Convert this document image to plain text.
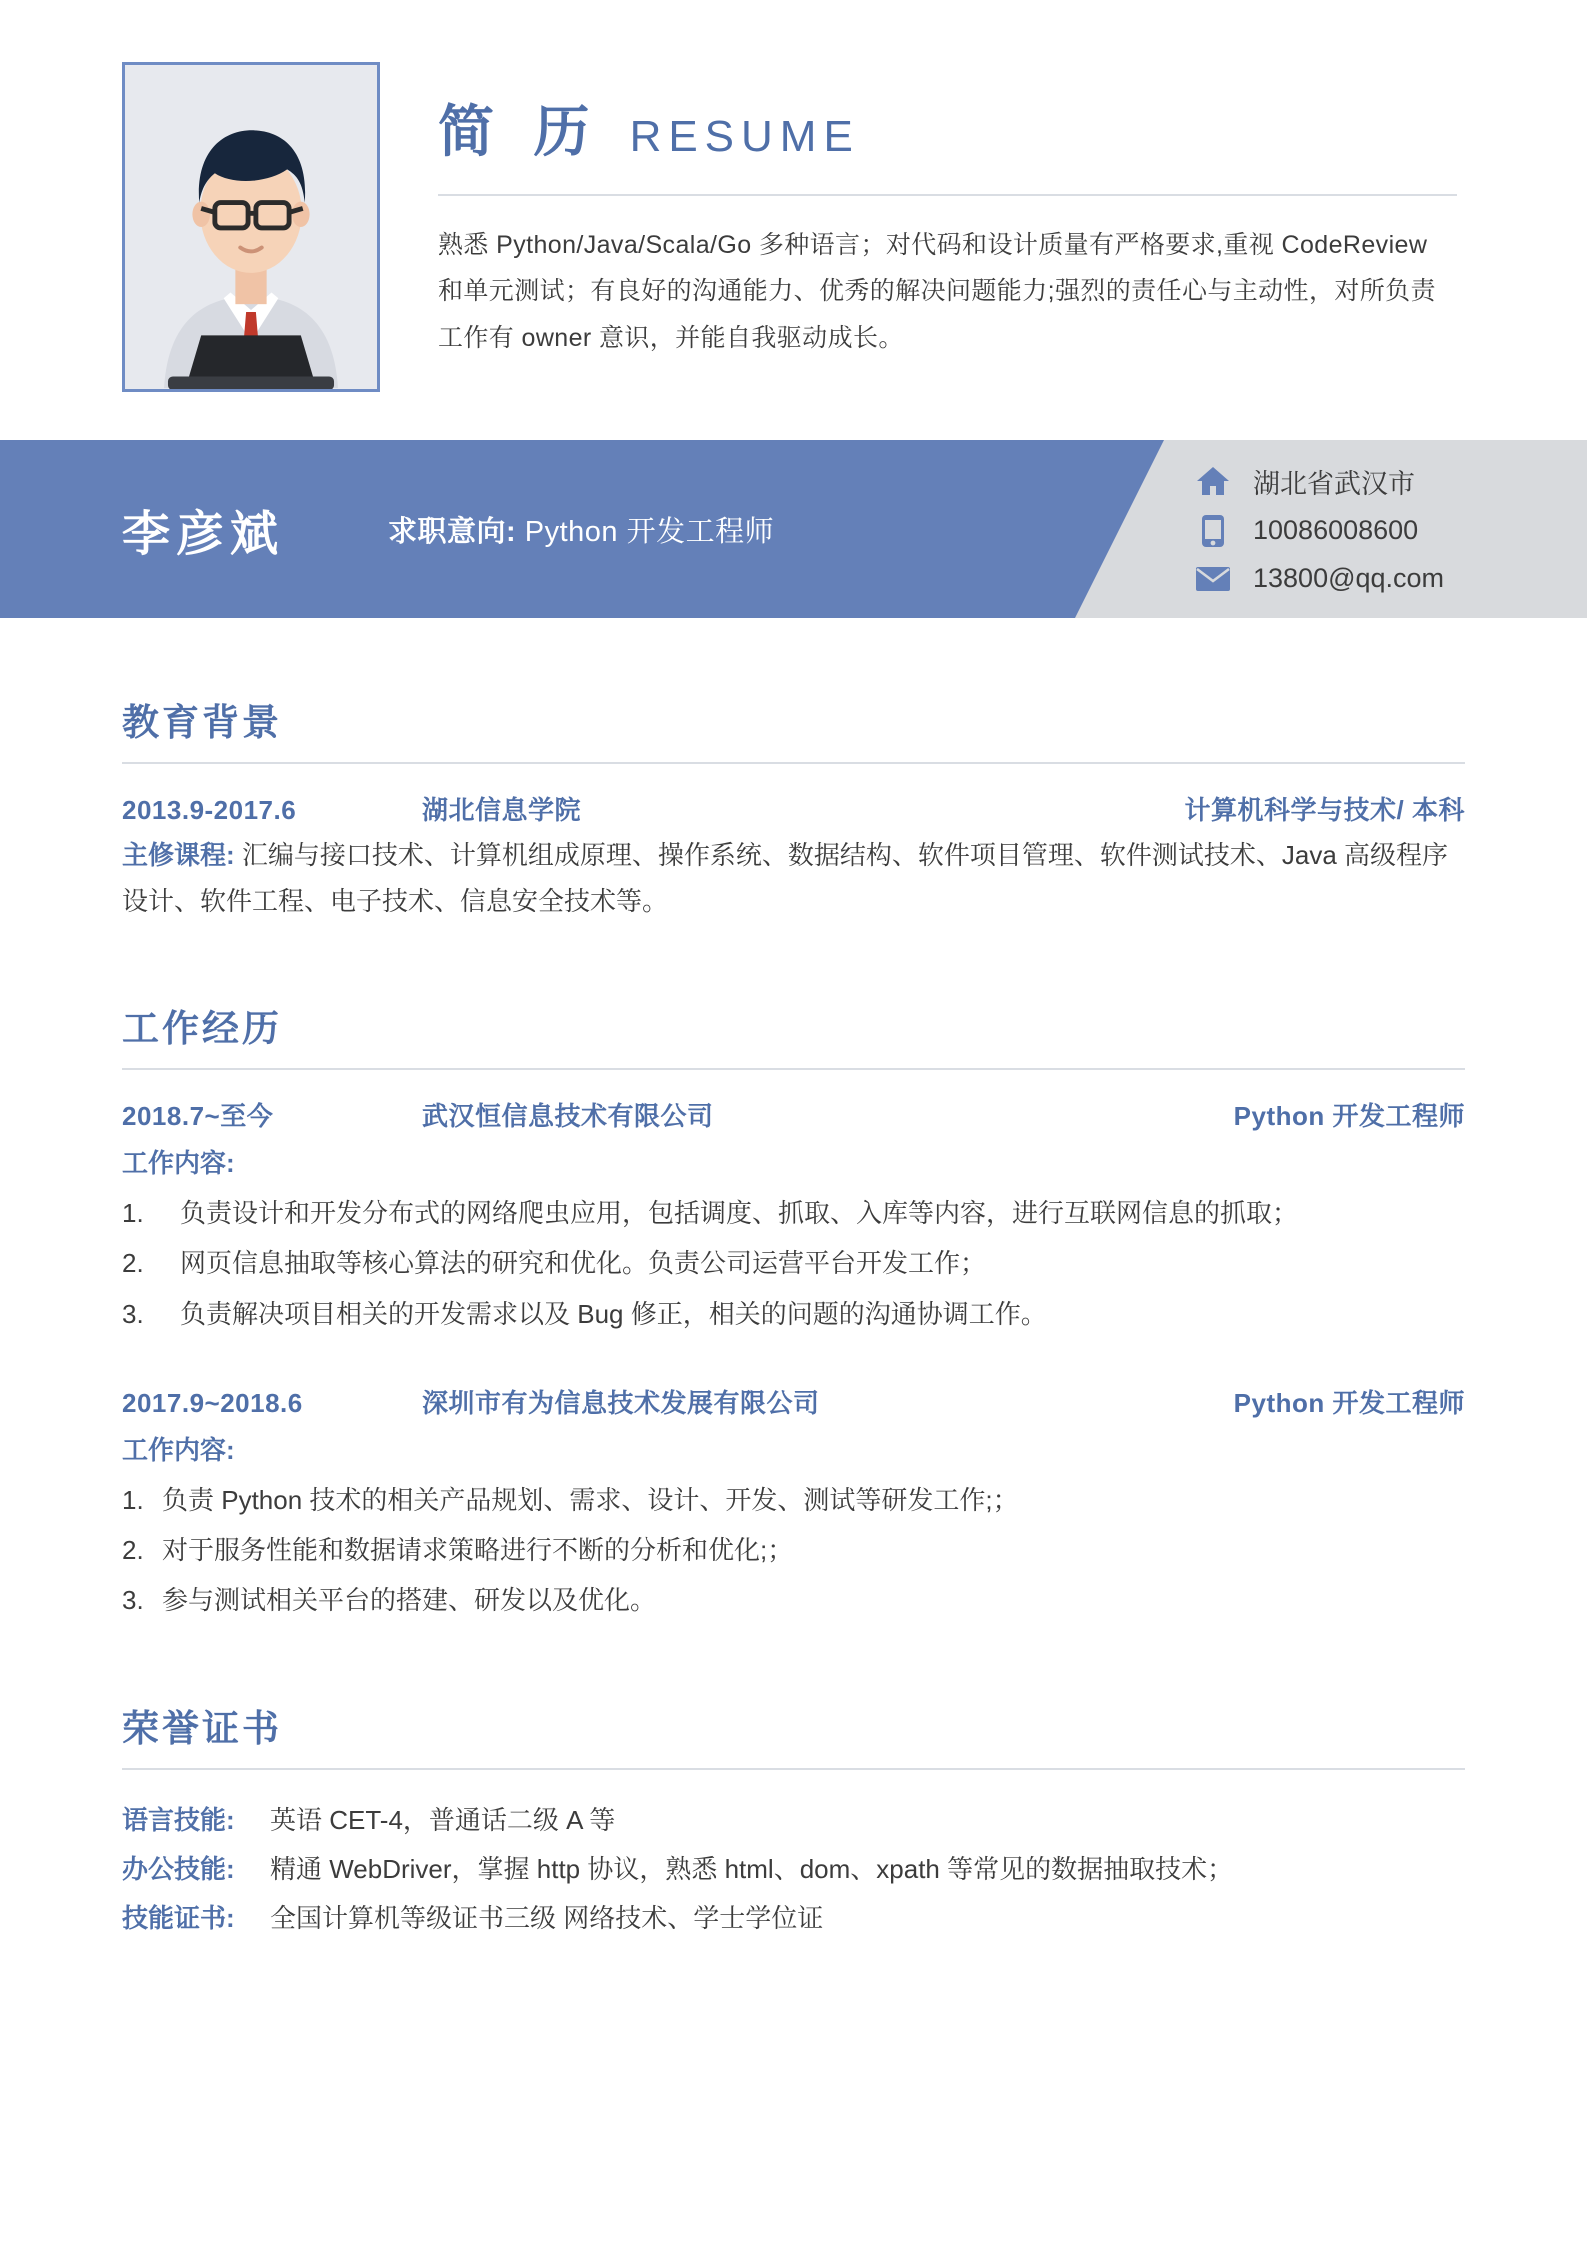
简 历 RESUME
熟悉 Python/Java/Scala/Go 多种语言；对代码和设计质量有严格要求,重视 CodeReview 和单元测试；有良好的沟通能力、优秀的解决问题能力;强烈的责任心与主动性，对所负责工作有 owner 意识，并能自我驱动成长。
李彦斌	求职意向: Python 开发工程师
湖北省武汉市
10086008600
13800@qq.com
教育背景
2013.9-2017.6	湖北信息学院	计算机科学与技术/ 本科
主修课程: 汇编与接口技术、计算机组成原理、操作系统、数据结构、软件项目管理、软件测试技术、Java 高级程序设计、软件工程、电子技术、信息安全技术等。
工作经历
2018.7~至今	武汉恒信息技术有限公司	Python 开发工程师
工作内容:
1.	负责设计和开发分布式的网络爬虫应用，包括调度、抓取、入库等内容，进行互联网信息的抓取；
2.	网页信息抽取等核心算法的研究和优化。负责公司运营平台开发工作；
3.	负责解决项目相关的开发需求以及 Bug 修正，相关的问题的沟通协调工作。
2017.9~2018.6	深圳市有为信息技术发展有限公司	Python 开发工程师
工作内容:
1. 负责 Python 技术的相关产品规划、需求、设计、开发、测试等研发工作;；
2. 对于服务性能和数据请求策略进行不断的分析和优化;；
3. 参与测试相关平台的搭建、研发以及优化。
荣誉证书
语言技能:	英语 CET-4，普通话二级 A 等
办公技能:	精通 WebDriver，掌握 http 协议，熟悉 html、dom、xpath 等常见的数据抽取技术；
技能证书:	全国计算机等级证书三级 网络技术、学士学位证
